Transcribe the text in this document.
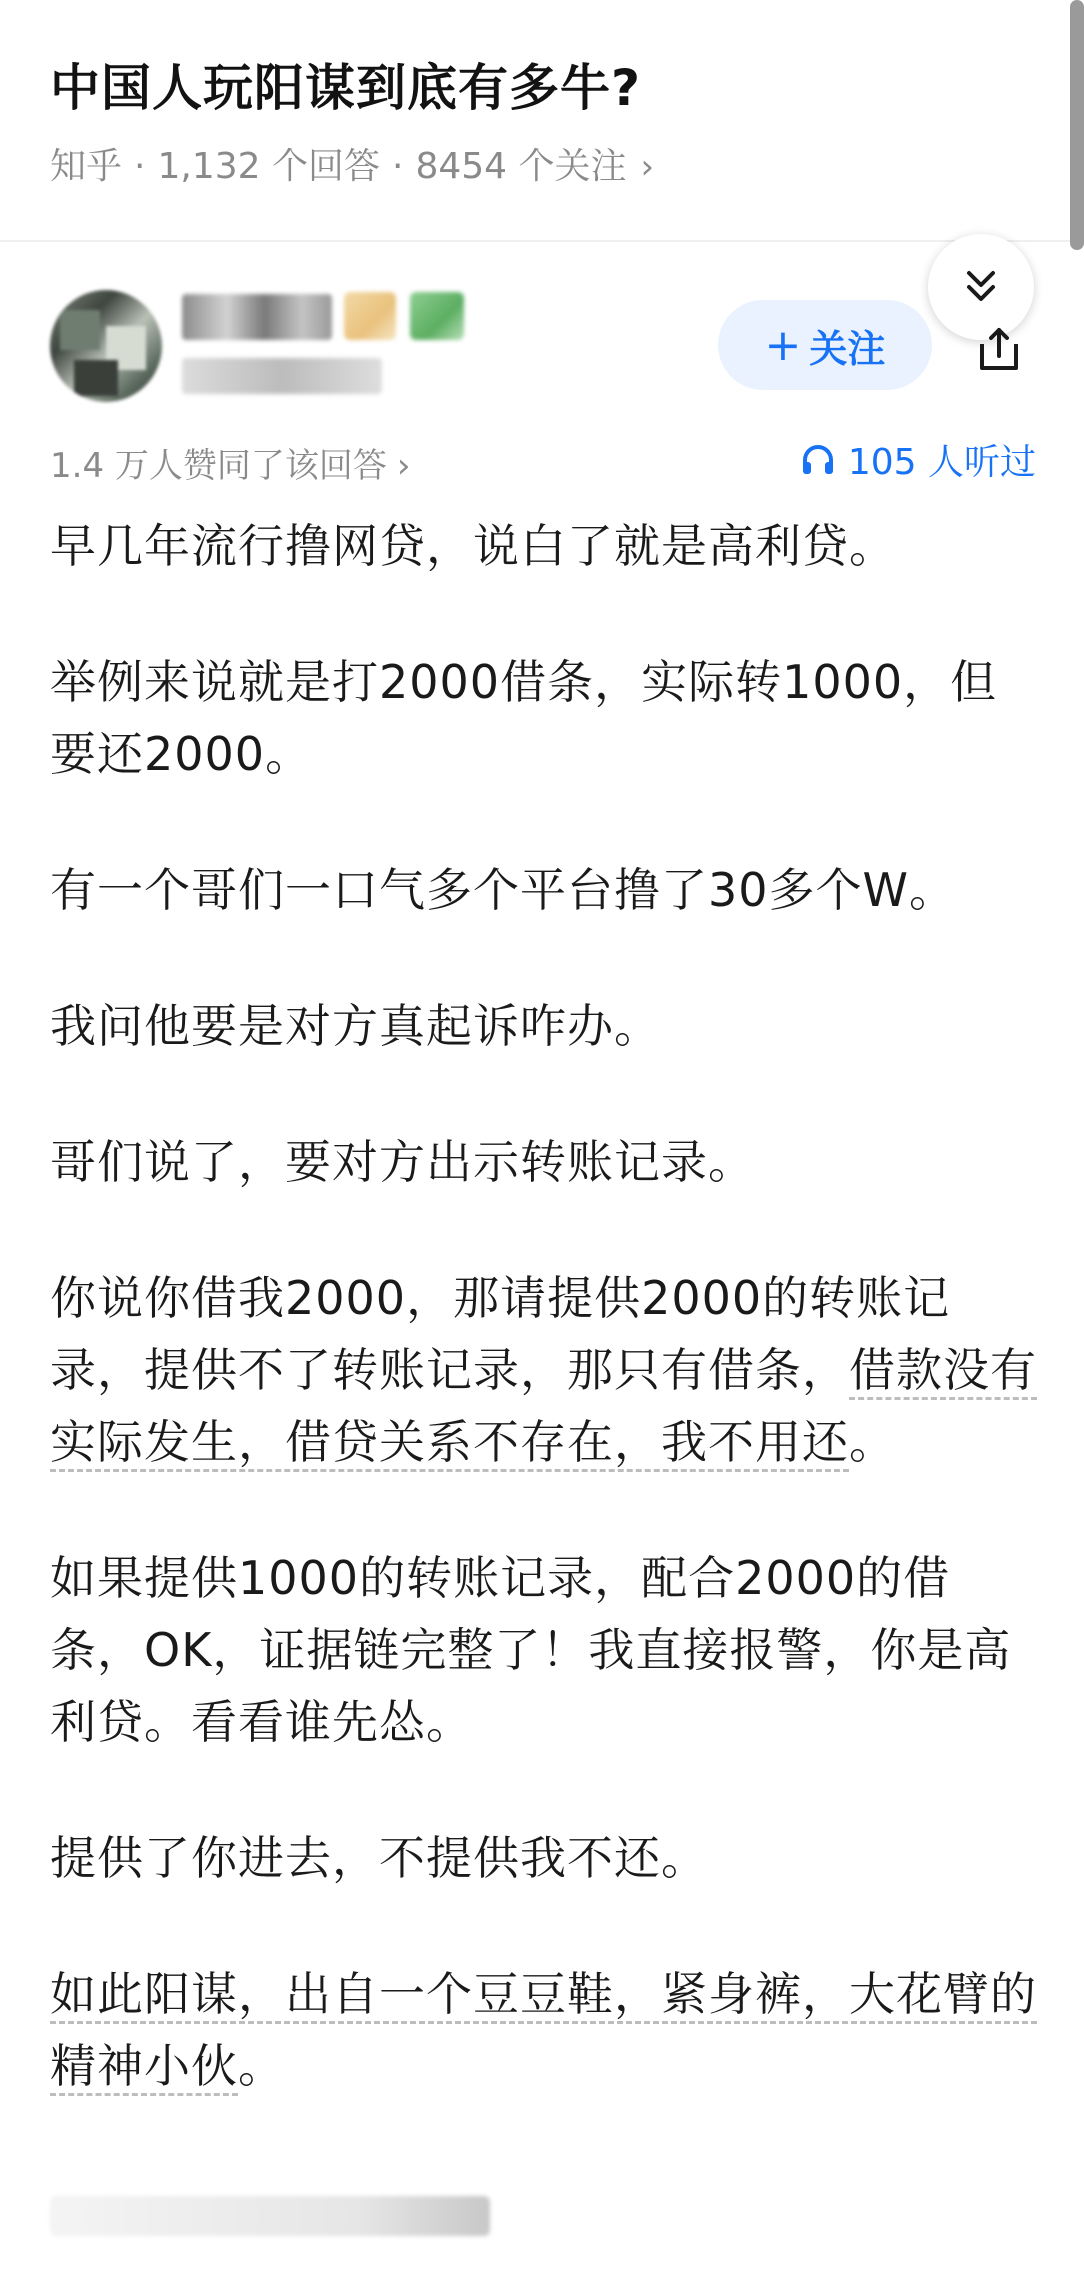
中国人玩阳谋到底有多牛?
知乎 · 1,132 个回答 · 8454 个关注 ›
+ 关注
1.4 万人赞同了该回答 ›	105 人听过

早几年流行撸网贷，说白了就是高利贷。

举例来说就是打2000借条，实际转1000，但要还2000。

有一个哥们一口气多个平台撸了30多个W。

我问他要是对方真起诉咋办。

哥们说了，要对方出示转账记录。

你说你借我2000，那请提供2000的转账记录，提供不了转账记录，那只有借条，借款没有实际发生，借贷关系不存在，我不用还。

如果提供1000的转账记录，配合2000的借条，OK，证据链完整了！我直接报警，你是高利贷。看看谁先怂。

提供了你进去，不提供我不还。

如此阳谋，出自一个豆豆鞋，紧身裤，大花臂的精神小伙。
